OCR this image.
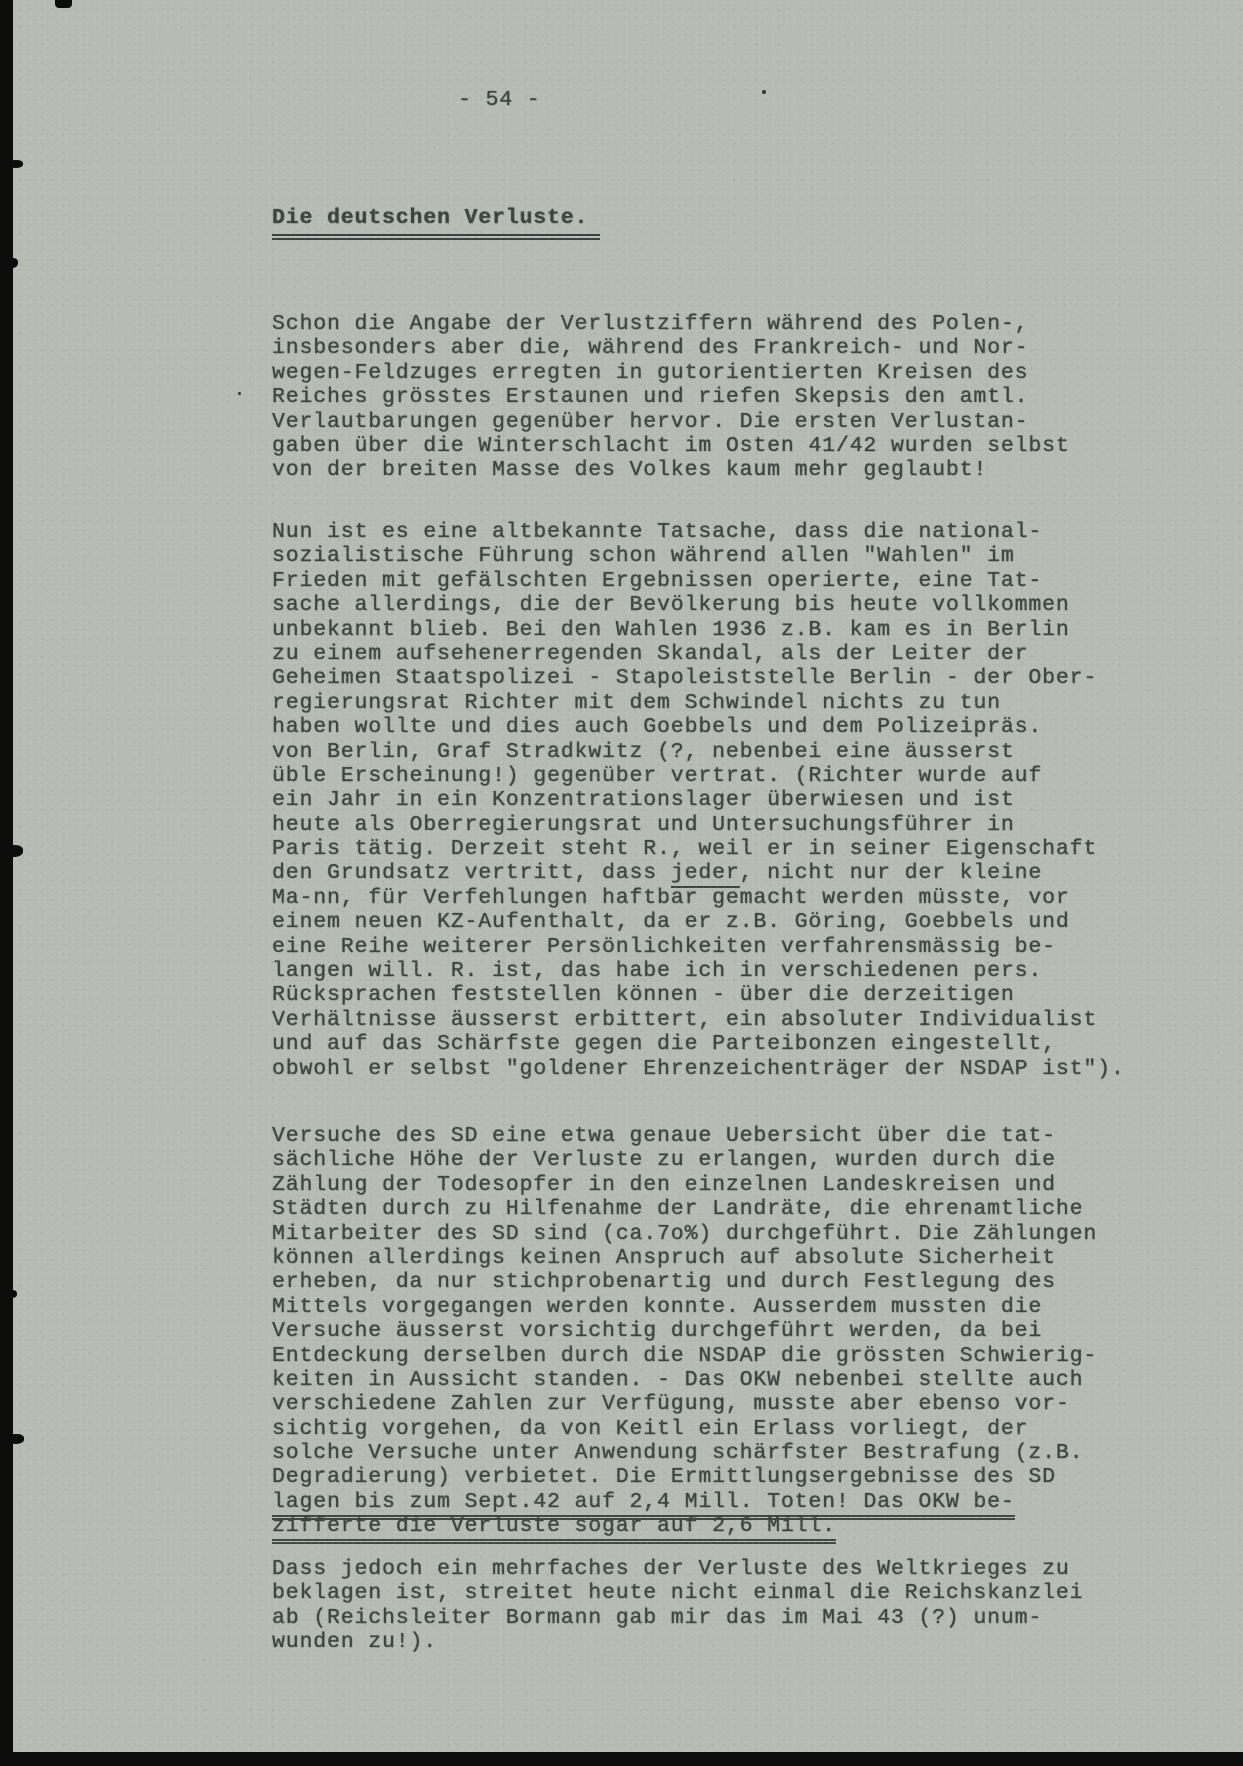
- 54 -
Die deutschen Verluste.
Schon die Angabe der Verlustziffern während des Polen-,
insbesonders aber die, während des Frankreich- und Nor-
wegen-Feldzuges erregten in gutorientierten Kreisen des
Reiches grösstes Erstaunen und riefen Skepsis den amtl.
Verlautbarungen gegenüber hervor. Die ersten Verlustan-
gaben über die Winterschlacht im Osten 41/42 wurden selbst
von der breiten Masse des Volkes kaum mehr geglaubt!
Nun ist es eine altbekannte Tatsache, dass die national-
sozialistische Führung schon während allen "Wahlen" im
Frieden mit gefälschten Ergebnissen operierte, eine Tat-
sache allerdings, die der Bevölkerung bis heute vollkommen
unbekannt blieb. Bei den Wahlen 1936 z.B. kam es in Berlin
zu einem aufsehenerregenden Skandal, als der Leiter der
Geheimen Staatspolizei - Stapoleiststelle Berlin - der Ober-
regierungsrat Richter mit dem Schwindel nichts zu tun
haben wollte und dies auch Goebbels und dem Polizeipräs.
von Berlin, Graf Stradkwitz (?, nebenbei eine äusserst
üble Erscheinung!) gegenüber vertrat. (Richter wurde auf
ein Jahr in ein Konzentrationslager überwiesen und ist
heute als Oberregierungsrat und Untersuchungsführer in
Paris tätig. Derzeit steht R., weil er in seiner Eigenschaft
den Grundsatz vertritt, dass jeder, nicht nur der kleine
Ma-nn, für Verfehlungen haftbar gemacht werden müsste, vor
einem neuen KZ-Aufenthalt, da er z.B. Göring, Goebbels und
eine Reihe weiterer Persönlichkeiten verfahrensmässig be-
langen will. R. ist, das habe ich in verschiedenen pers.
Rücksprachen feststellen können - über die derzeitigen
Verhältnisse äusserst erbittert, ein absoluter Individualist
und auf das Schärfste gegen die Parteibonzen eingestellt,
obwohl er selbst "goldener Ehrenzeichenträger der NSDAP ist").
Versuche des SD eine etwa genaue Uebersicht über die tat-
sächliche Höhe der Verluste zu erlangen, wurden durch die
Zählung der Todesopfer in den einzelnen Landeskreisen und
Städten durch zu Hilfenahme der Landräte, die ehrenamtliche
Mitarbeiter des SD sind (ca.7o%) durchgeführt. Die Zählungen
können allerdings keinen Anspruch auf absolute Sicherheit
erheben, da nur stichprobenartig und durch Festlegung des
Mittels vorgegangen werden konnte. Ausserdem mussten die
Versuche äusserst vorsichtig durchgeführt werden, da bei
Entdeckung derselben durch die NSDAP die grössten Schwierig-
keiten in Aussicht standen. - Das OKW nebenbei stellte auch
verschiedene Zahlen zur Verfügung, musste aber ebenso vor-
sichtig vorgehen, da von Keitl ein Erlass vorliegt, der
solche Versuche unter Anwendung schärfster Bestrafung (z.B.
Degradierung) verbietet. Die Ermittlungsergebnisse des SD
lagen bis zum Sept.42 auf 2,4 Mill. Toten! Das OKW be-
zifferte die Verluste sogar auf 2,6 Mill.
Dass jedoch ein mehrfaches der Verluste des Weltkrieges zu
beklagen ist, streitet heute nicht einmal die Reichskanzlei
ab (Reichsleiter Bormann gab mir das im Mai 43 (?) unum-
wunden zu!).
